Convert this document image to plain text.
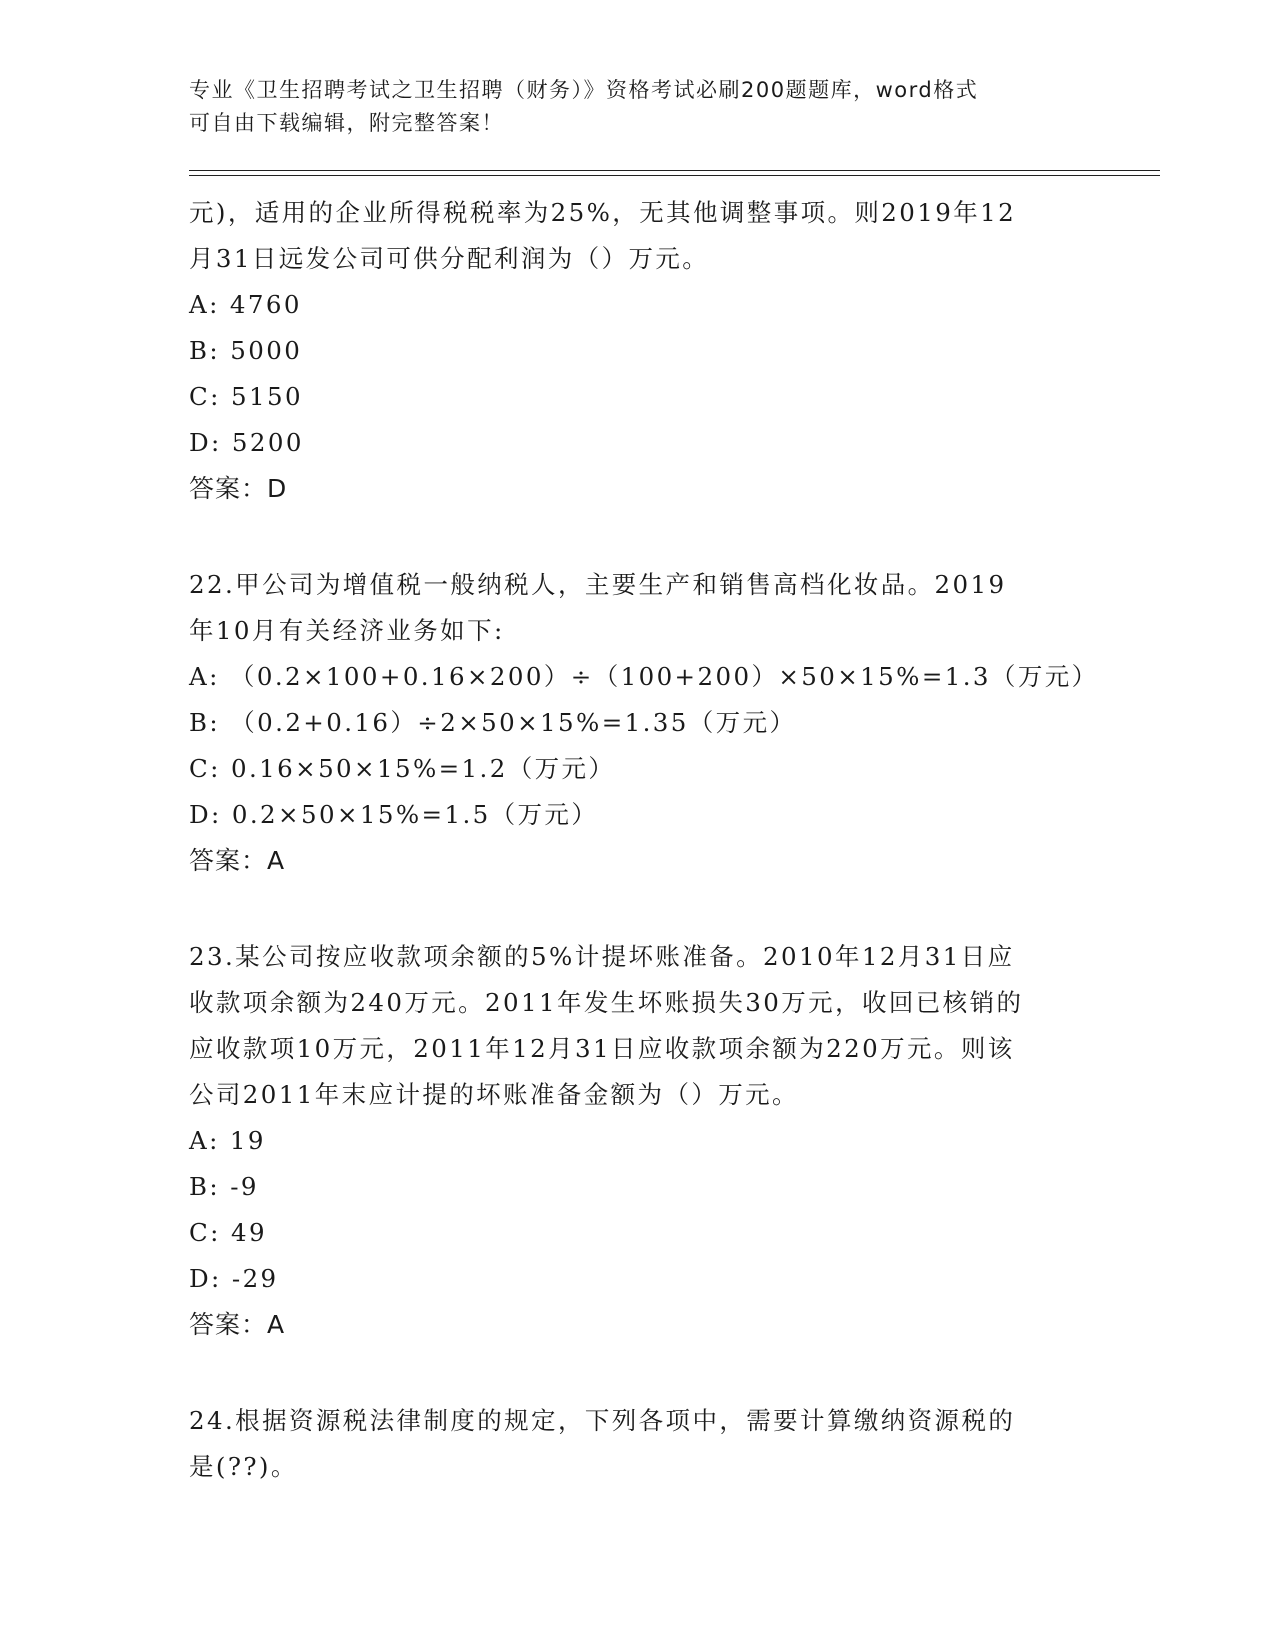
专业《卫生招聘考试之卫生招聘（财务）》资格考试必刷200题题库，word格式
可自由下载编辑，附完整答案！
元)，适用的企业所得税税率为25%，无其他调整事项。则2019年12
月31日远发公司可供分配利润为（）万元。
A: 4760
B: 5000
C: 5150
D: 5200
答案：D
22.甲公司为增值税一般纳税人，主要生产和销售高档化妆品。2019
年10月有关经济业务如下:
A: （0.2×100+0.16×200）÷（100+200）×50×15%=1.3（万元）
B: （0.2+0.16）÷2×50×15%=1.35（万元）
C: 0.16×50×15%=1.2（万元）
D: 0.2×50×15%=1.5（万元）
答案：A
23.某公司按应收款项余额的5%计提坏账准备。2010年12月31日应
收款项余额为240万元。2011年发生坏账损失30万元，收回已核销的
应收款项10万元，2011年12月31日应收款项余额为220万元。则该
公司2011年末应计提的坏账准备金额为（）万元。
A: 19
B: -9
C: 49
D: -29
答案：A
24.根据资源税法律制度的规定，下列各项中，需要计算缴纳资源税的
是(??)。
